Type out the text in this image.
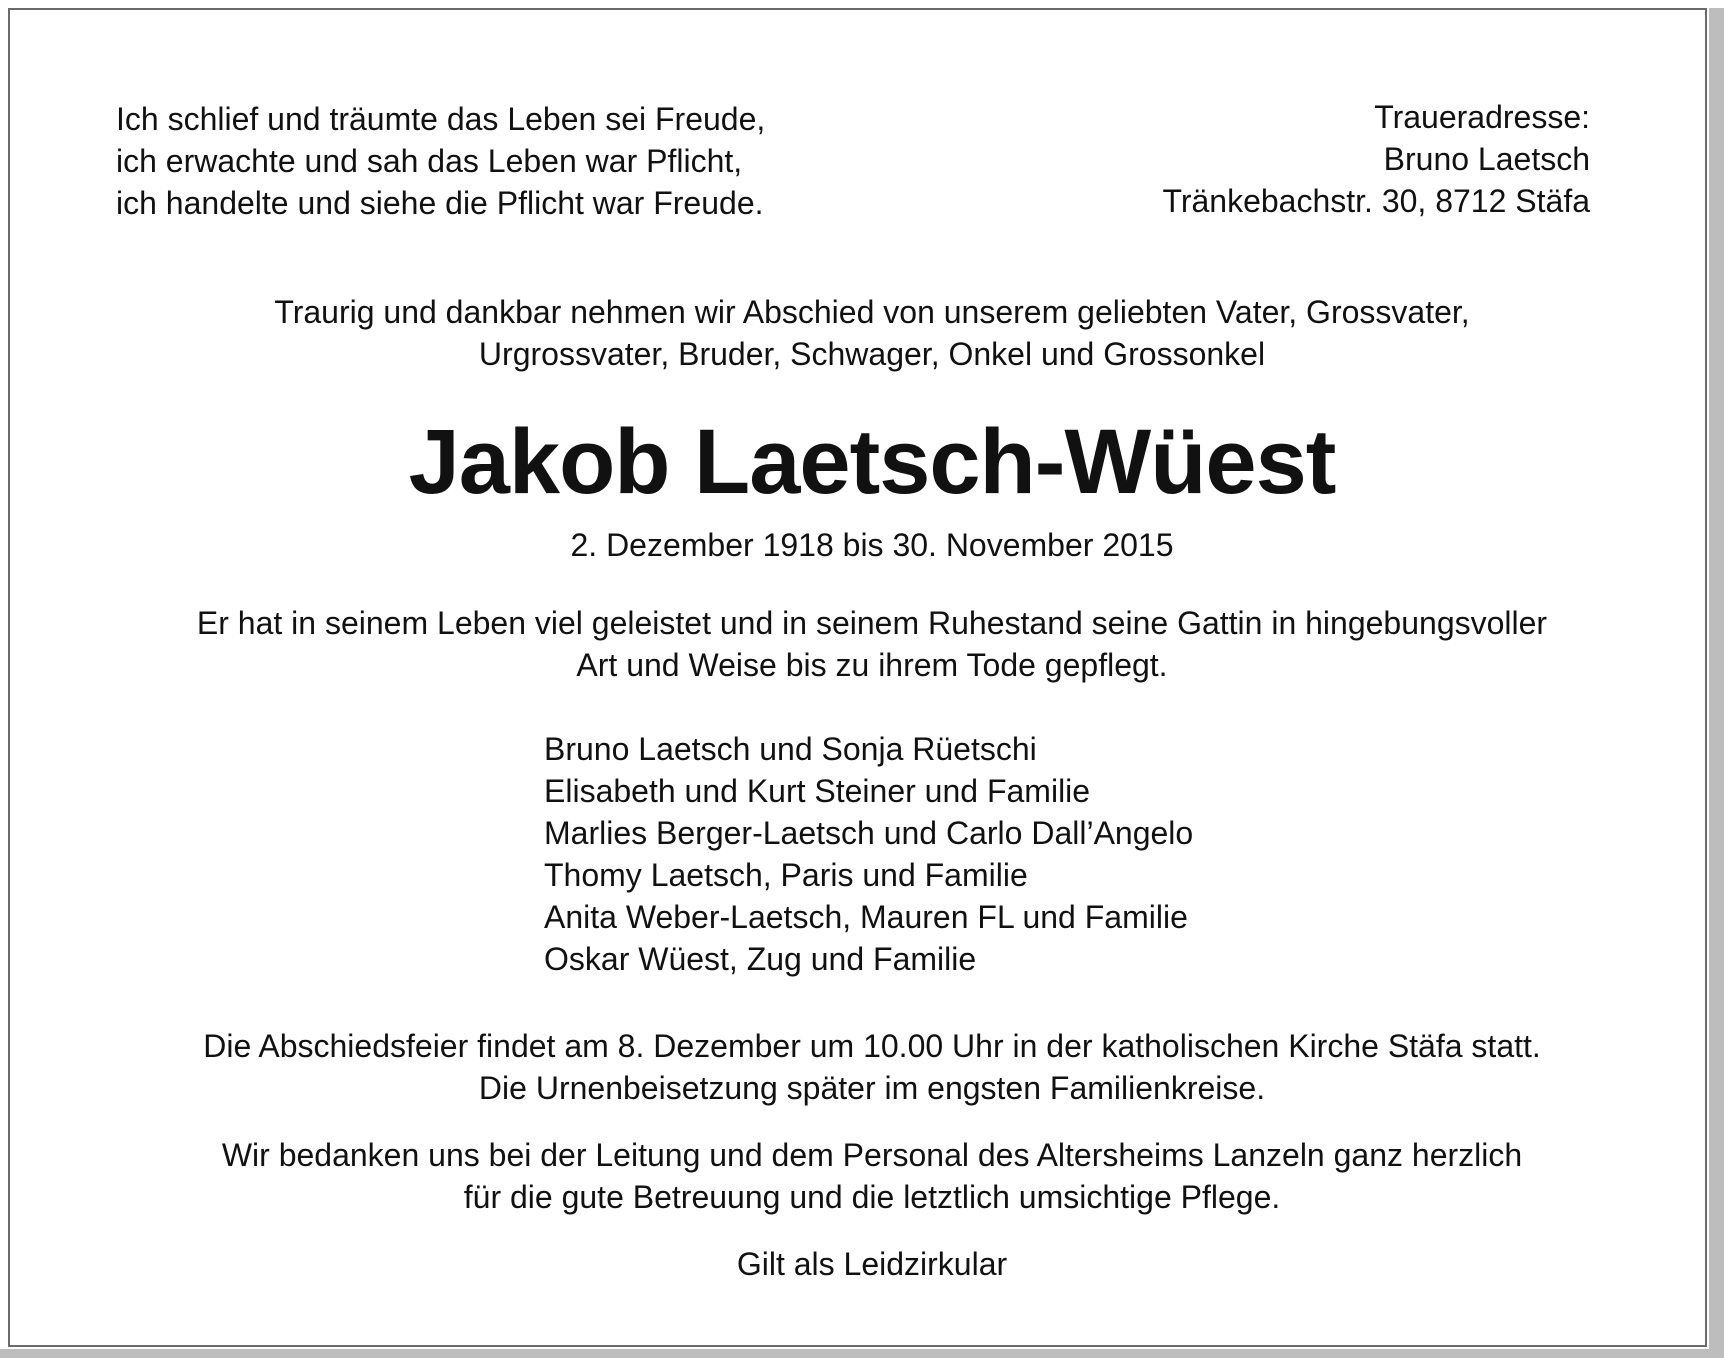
Ich schlief und träumte das Leben sei Freude,
ich erwachte und sah das Leben war Pflicht,
ich handelte und siehe die Pflicht war Freude.
Traueradresse:
Bruno Laetsch
Tränkebachstr. 30, 8712 Stäfa
Traurig und dankbar nehmen wir Abschied von unserem geliebten Vater, Grossvater,
Urgrossvater, Bruder, Schwager, Onkel und Grossonkel
Jakob Laetsch-Wüest
2. Dezember 1918 bis 30. November 2015
Er hat in seinem Leben viel geleistet und in seinem Ruhestand seine Gattin in hingebungsvoller
Art und Weise bis zu ihrem Tode gepflegt.
Bruno Laetsch und Sonja Rüetschi
Elisabeth und Kurt Steiner und Familie
Marlies Berger-Laetsch und Carlo Dall’Angelo
Thomy Laetsch, Paris und Familie
Anita Weber-Laetsch, Mauren FL und Familie
Oskar Wüest, Zug und Familie
Die Abschiedsfeier findet am 8. Dezember um 10.00 Uhr in der katholischen Kirche Stäfa statt.
Die Urnenbeisetzung später im engsten Familienkreise.
Wir bedanken uns bei der Leitung und dem Personal des Altersheims Lanzeln ganz herzlich
für die gute Betreuung und die letztlich umsichtige Pflege.
Gilt als Leidzirkular
